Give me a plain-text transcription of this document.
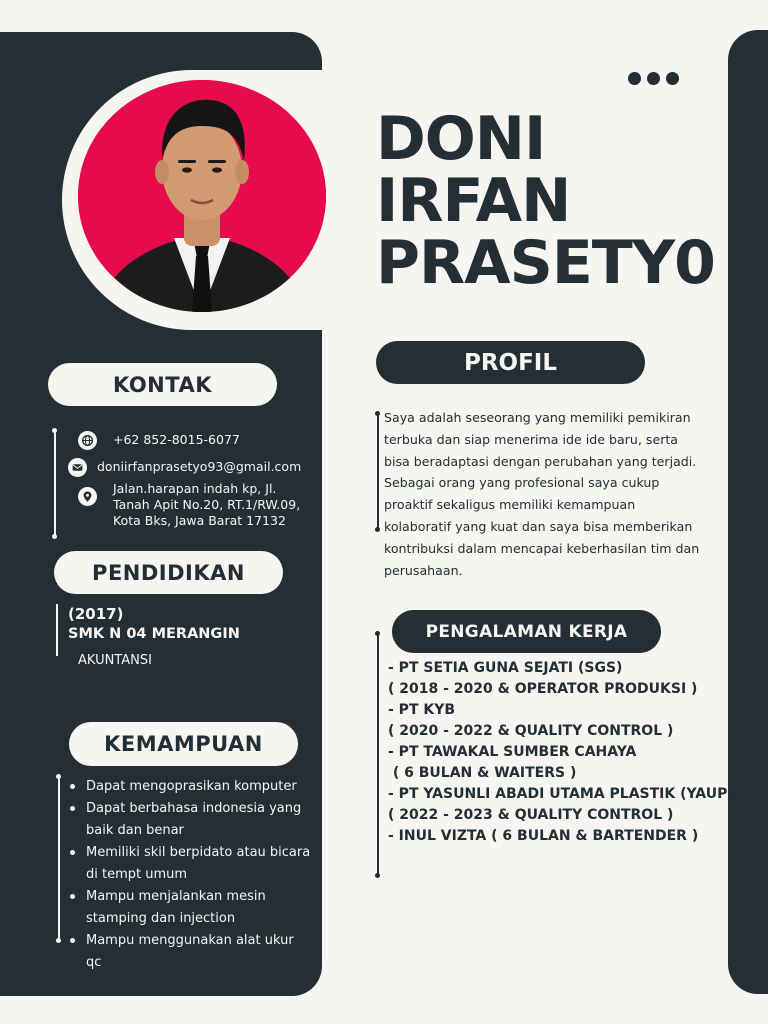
DONI
IRFAN
PRASETY0
KONTAK
+62 852-8015-6077
doniirfanprasetyo93@gmail.com
Jalan.harapan indah kp, Jl.
Tanah Apit No.20, RT.1/RW.09,
Kota Bks, Jawa Barat 17132
PENDIDIKAN
(2017)
SMK N 04 MERANGIN
AKUNTANSI
KEMAMPUAN
Dapat mengoprasikan komputer
Dapat berbahasa indonesia yang
baik dan benar
Memiliki skil berpidato atau bicara
di tempt umum
Mampu menjalankan mesin
stamping dan injection
Mampu menggunakan alat ukur
qc
PROFIL
Saya adalah seseorang yang memiliki pemikiran
terbuka dan siap menerima ide ide baru, serta
bisa beradaptasi dengan perubahan yang terjadi.
Sebagai orang yang profesional saya cukup
proaktif sekaligus memiliki kemampuan
kolaboratif yang kuat dan saya bisa memberikan
kontribuksi dalam mencapai keberhasilan tim dan
perusahaan.
PENGALAMAN KERJA
- PT SETIA GUNA SEJATI (SGS)
( 2018 - 2020 & OPERATOR PRODUKSI )
- PT KYB
( 2020 - 2022 & QUALITY CONTROL )
- PT TAWAKAL SUMBER CAHAYA
( 6 BULAN & WAITERS )
- PT YASUNLI ABADI UTAMA PLASTIK (YAUP)
( 2022 - 2023 & QUALITY CONTROL )
- INUL VIZTA ( 6 BULAN & BARTENDER )
